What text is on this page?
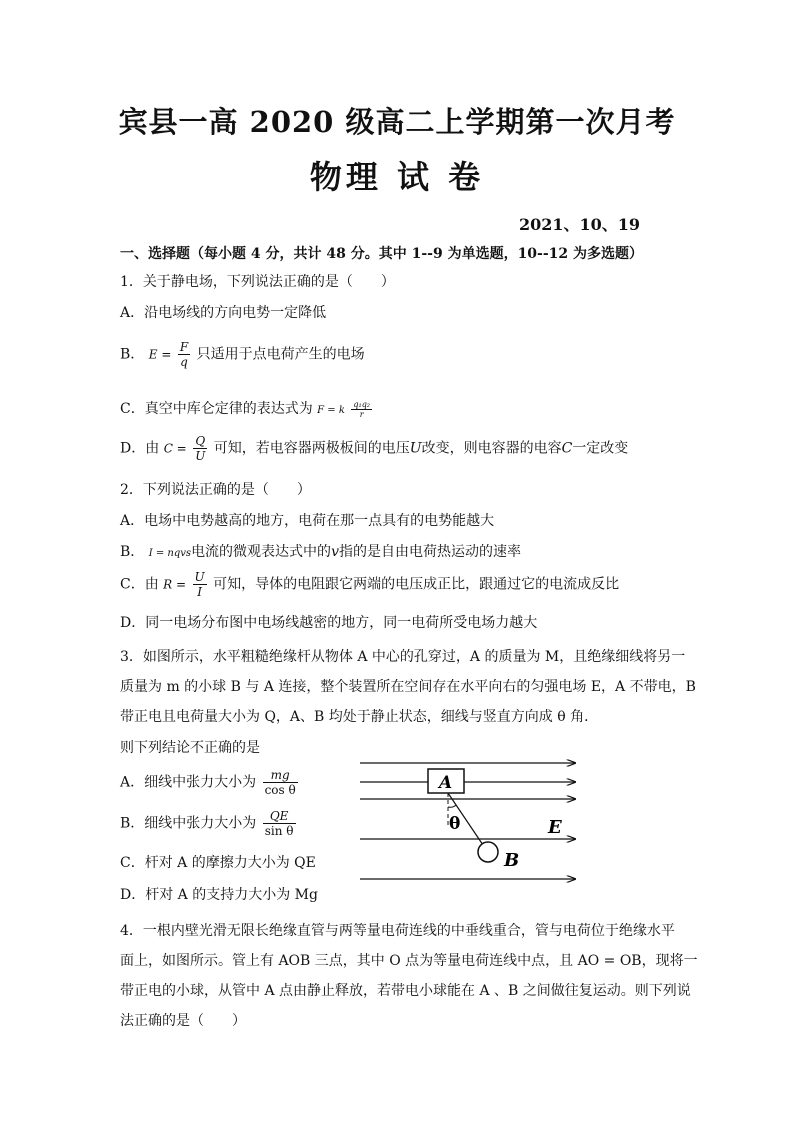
宾县一高 2020 级高二上学期第一次月考
物理 试 卷
2021、10、19
一、选择题（每小题 4 分，共计 48 分。其中 1--9 为单选题，10--12 为多选题）
1．关于静电场，下列说法正确的是（　　）
A．沿电场线的方向电势一定降低
B． $E = \frac{F}{q}$ 只适用于点电荷产生的电场
C．真空中库仑定律的表达式为 F = k $\frac{\text{q₁q₂}}{r}$
D．由 $C = \frac{Q}{U}$ 可知，若电容器两极板间的电压U改变，则电容器的电容C一定改变
2．下列说法正确的是（　　）
A．电场中电势越高的地方，电荷在那一点具有的电势能越大
B． I = nqvs电流的微观表达式中的v指的是自由电荷热运动的速率
C．由 $R = \frac{U}{I}$ 可知，导体的电阻跟它两端的电压成正比，跟通过它的电流成反比
D．同一电场分布图中电场线越密的地方，同一电荷所受电场力越大
3．如图所示，水平粗糙绝缘杆从物体 A 中心的孔穿过，A 的质量为 M，且绝缘细线将另一
质量为 m 的小球 B 与 A 连接，整个装置所在空间存在水平向右的匀强电场 E，A 不带电，B
带正电且电荷量大小为 Q，A、B 均处于静止状态，细线与竖直方向成 θ 角．
则下列结论不正确的是
A．细线中张力大小为 $\frac{mg}{\text{cos θ}}$
B．细线中张力大小为 $\frac{QE}{\text{sin θ}}$
C．杆对 A 的摩擦力大小为 QE
D．杆对 A 的支持力大小为 Mg
A
θ	E
B
4．一根内壁光滑无限长绝缘直管与两等量电荷连线的中垂线重合，管与电荷位于绝缘水平
面上，如图所示。管上有 AOB 三点，其中 O 点为等量电荷连线中点，且 AO = OB，现将一
带正电的小球，从管中 A 点由静止释放，若带电小球能在 A 、B 之间做往复运动。则下列说
法正确的是（　　）
